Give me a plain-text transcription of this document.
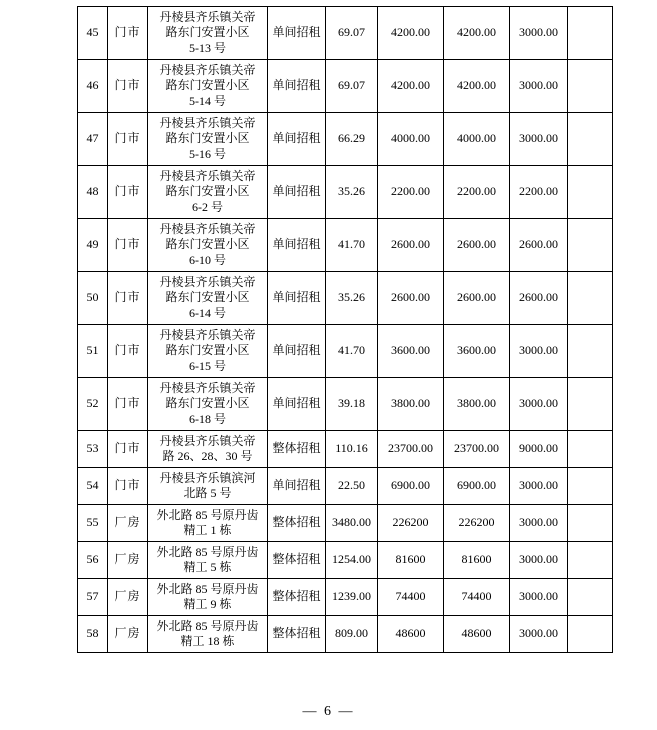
45	门市	丹棱县齐乐镇关帝
路东门安置小区
5-13 号	单间招租	69.07	4200.00	4200.00	3000.00	
46	门市	丹棱县齐乐镇关帝
路东门安置小区
5-14 号	单间招租	69.07	4200.00	4200.00	3000.00	
47	门市	丹棱县齐乐镇关帝
路东门安置小区
5-16 号	单间招租	66.29	4000.00	4000.00	3000.00	
48	门市	丹棱县齐乐镇关帝
路东门安置小区
6-2 号	单间招租	35.26	2200.00	2200.00	2200.00	
49	门市	丹棱县齐乐镇关帝
路东门安置小区
6-10 号	单间招租	41.70	2600.00	2600.00	2600.00	
50	门市	丹棱县齐乐镇关帝
路东门安置小区
6-14 号	单间招租	35.26	2600.00	2600.00	2600.00	
51	门市	丹棱县齐乐镇关帝
路东门安置小区
6-15 号	单间招租	41.70	3600.00	3600.00	3000.00	
52	门市	丹棱县齐乐镇关帝
路东门安置小区
6-18 号	单间招租	39.18	3800.00	3800.00	3000.00	
53	门市	丹棱县齐乐镇关帝
路 26、28、30 号	整体招租	110.16	23700.00	23700.00	9000.00	
54	门市	丹棱县齐乐镇滨河
北路 5 号	单间招租	22.50	6900.00	6900.00	3000.00	
55	厂房	外北路 85 号原丹齿
精工 1 栋	整体招租	3480.00	226200	226200	3000.00	
56	厂房	外北路 85 号原丹齿
精工 5 栋	整体招租	1254.00	81600	81600	3000.00	
57	厂房	外北路 85 号原丹齿
精工 9 栋	整体招租	1239.00	74400	74400	3000.00	
58	厂房	外北路 85 号原丹齿
精工 18 栋	整体招租	809.00	48600	48600	3000.00	
— 6 —
